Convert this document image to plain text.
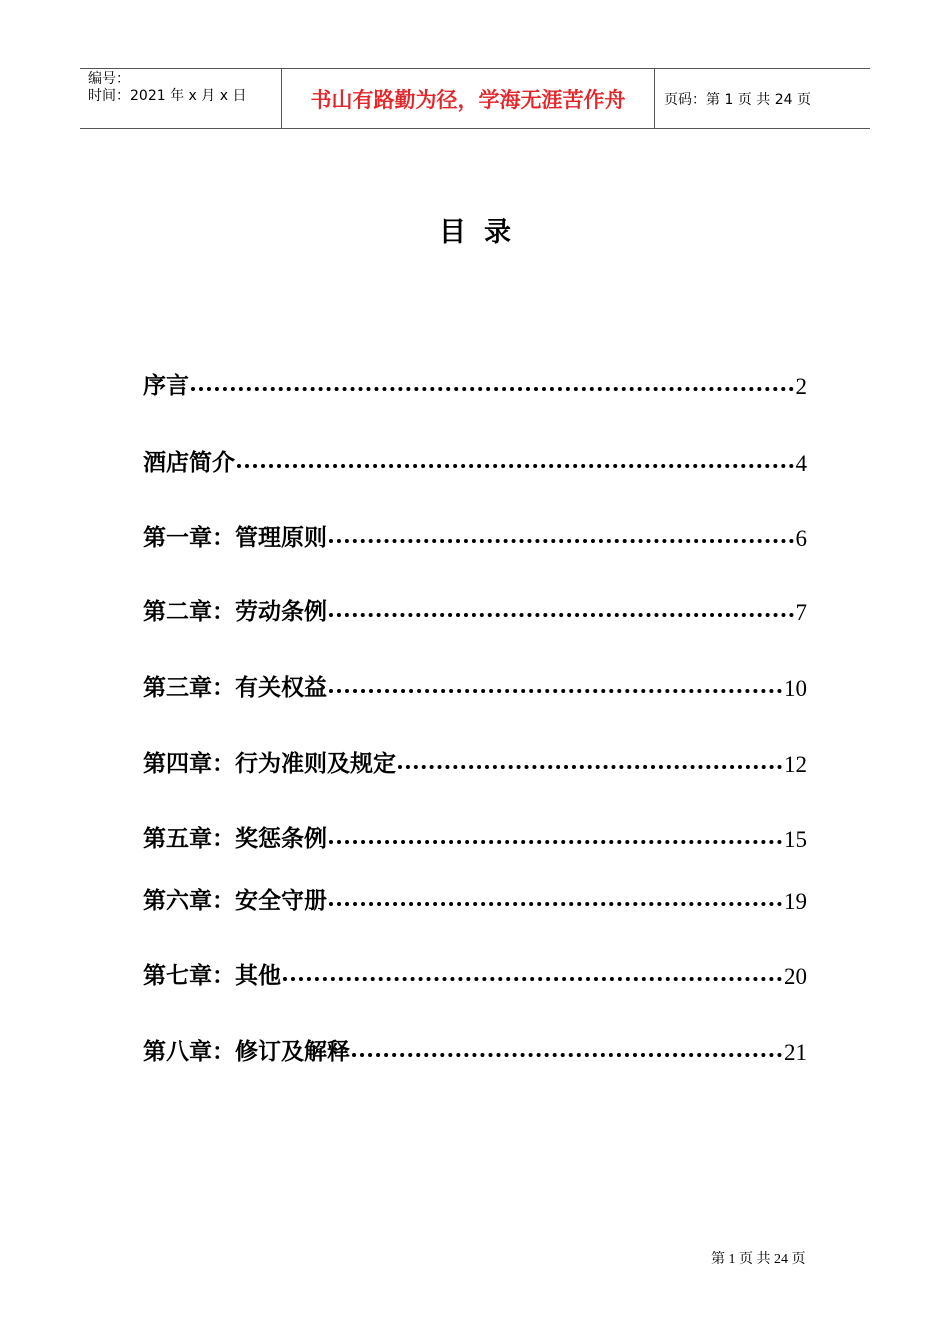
编号：
时间：2021 年 x 月 x 日	书山有路勤为径，学海无涯苦作舟	页码：第 1 页 共 24 页
目录
序言	2
酒店简介	4
第一章：管理原则	6
第二章：劳动条例	7
第三章：有关权益	10
第四章：行为准则及规定	12
第五章：奖惩条例	15
第六章：安全守册	19
第七章：其他	20
第八章：修订及解释	21
第 1 页 共 24 页
